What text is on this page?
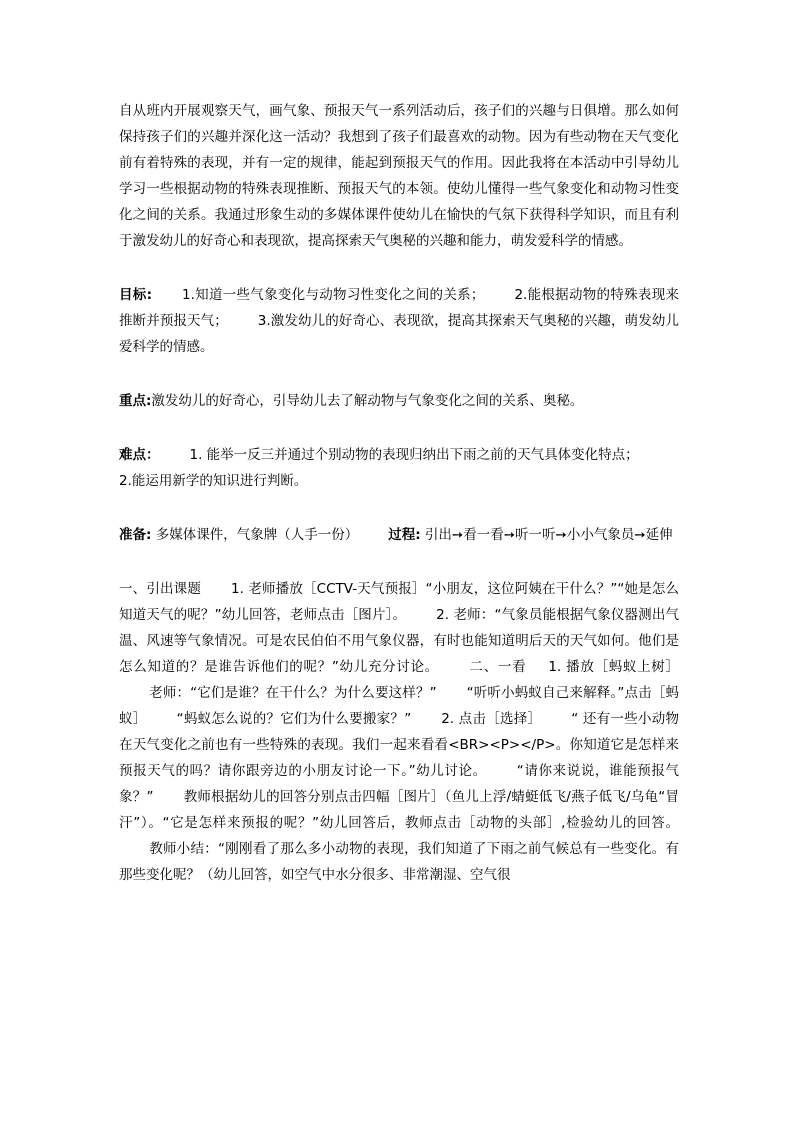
自从班内开展观察天气，画气象、预报天气一系列活动后，孩子们的兴趣与日俱增。那么如何保持孩子们的兴趣并深化这一活动？我想到了孩子们最喜欢的动物。因为有些动物在天气变化前有着特殊的表现，并有一定的规律，能起到预报天气的作用。因此我将在本活动中引导幼儿学习一些根据动物的特殊表现推断、预报天气的本领。使幼儿懂得一些气象变化和动物习性变化之间的关系。我通过形象生动的多媒体课件使幼儿在愉快的气氛下获得科学知识，而且有利于激发幼儿的好奇心和表现欲，提高探索天气奥秘的兴趣和能力，萌发爱科学的情感。

目标: 1.知道一些气象变化与动物习性变化之间的关系； 2.能根据动物的特殊表现来推断并预报天气； 3.激发幼儿的好奇心、表现欲，提高其探索天气奥秘的兴趣，萌发幼儿爱科学的情感。

重点:激发幼儿的好奇心，引导幼儿去了解动物与气象变化之间的关系、奥秘。

难点： 1. 能举一反三并通过个别动物的表现归纳出下雨之前的天气具体变化特点；
2.能运用新学的知识进行判断。

准备: 多媒体课件，气象牌（人手一份） 过程: 引出➙看一看➙听一听➙小小气象员➙延伸

一、引出课题 1. 老师播放［CCTV-天气预报］“小朋友，这位阿姨在干什么？”“她是怎么知道天气的呢？”幼儿回答，老师点击［图片］。 2. 老师：“气象员能根据气象仪器测出气温、风速等气象情况。可是农民伯伯不用气象仪器，有时也能知道明后天的天气如何。他们是怎么知道的？是谁告诉他们的呢？”幼儿充分讨论。 二、一看 1. 播放［蚂蚁上树］老师：“它们是谁？在干什么？为什么要这样？” “听听小蚂蚁自己来解释。”点击［蚂蚁］ “蚂蚁怎么说的？它们为什么要搬家？” 2. 点击［选择］ “ 还有一些小动物在天气变化之前也有一些特殊的表现。我们一起来看看<BR><P></P>。你知道它是怎样来预报天气的吗？请你跟旁边的小朋友讨论一下。”幼儿讨论。 “请你来说说，谁能预报气象？” 教师根据幼儿的回答分别点击四幅［图片］（鱼儿上浮/蜻蜓低飞/燕子低飞/乌龟“冒汗”）。“它是怎样来预报的呢？”幼儿回答后，教师点击［动物的头部］,检验幼儿的回答。教师小结：“刚刚看了那么多小动物的表现，我们知道了下雨之前气候总有一些变化。有那些变化呢？（幼儿回答，如空气中水分很多、非常潮湿、空气很
